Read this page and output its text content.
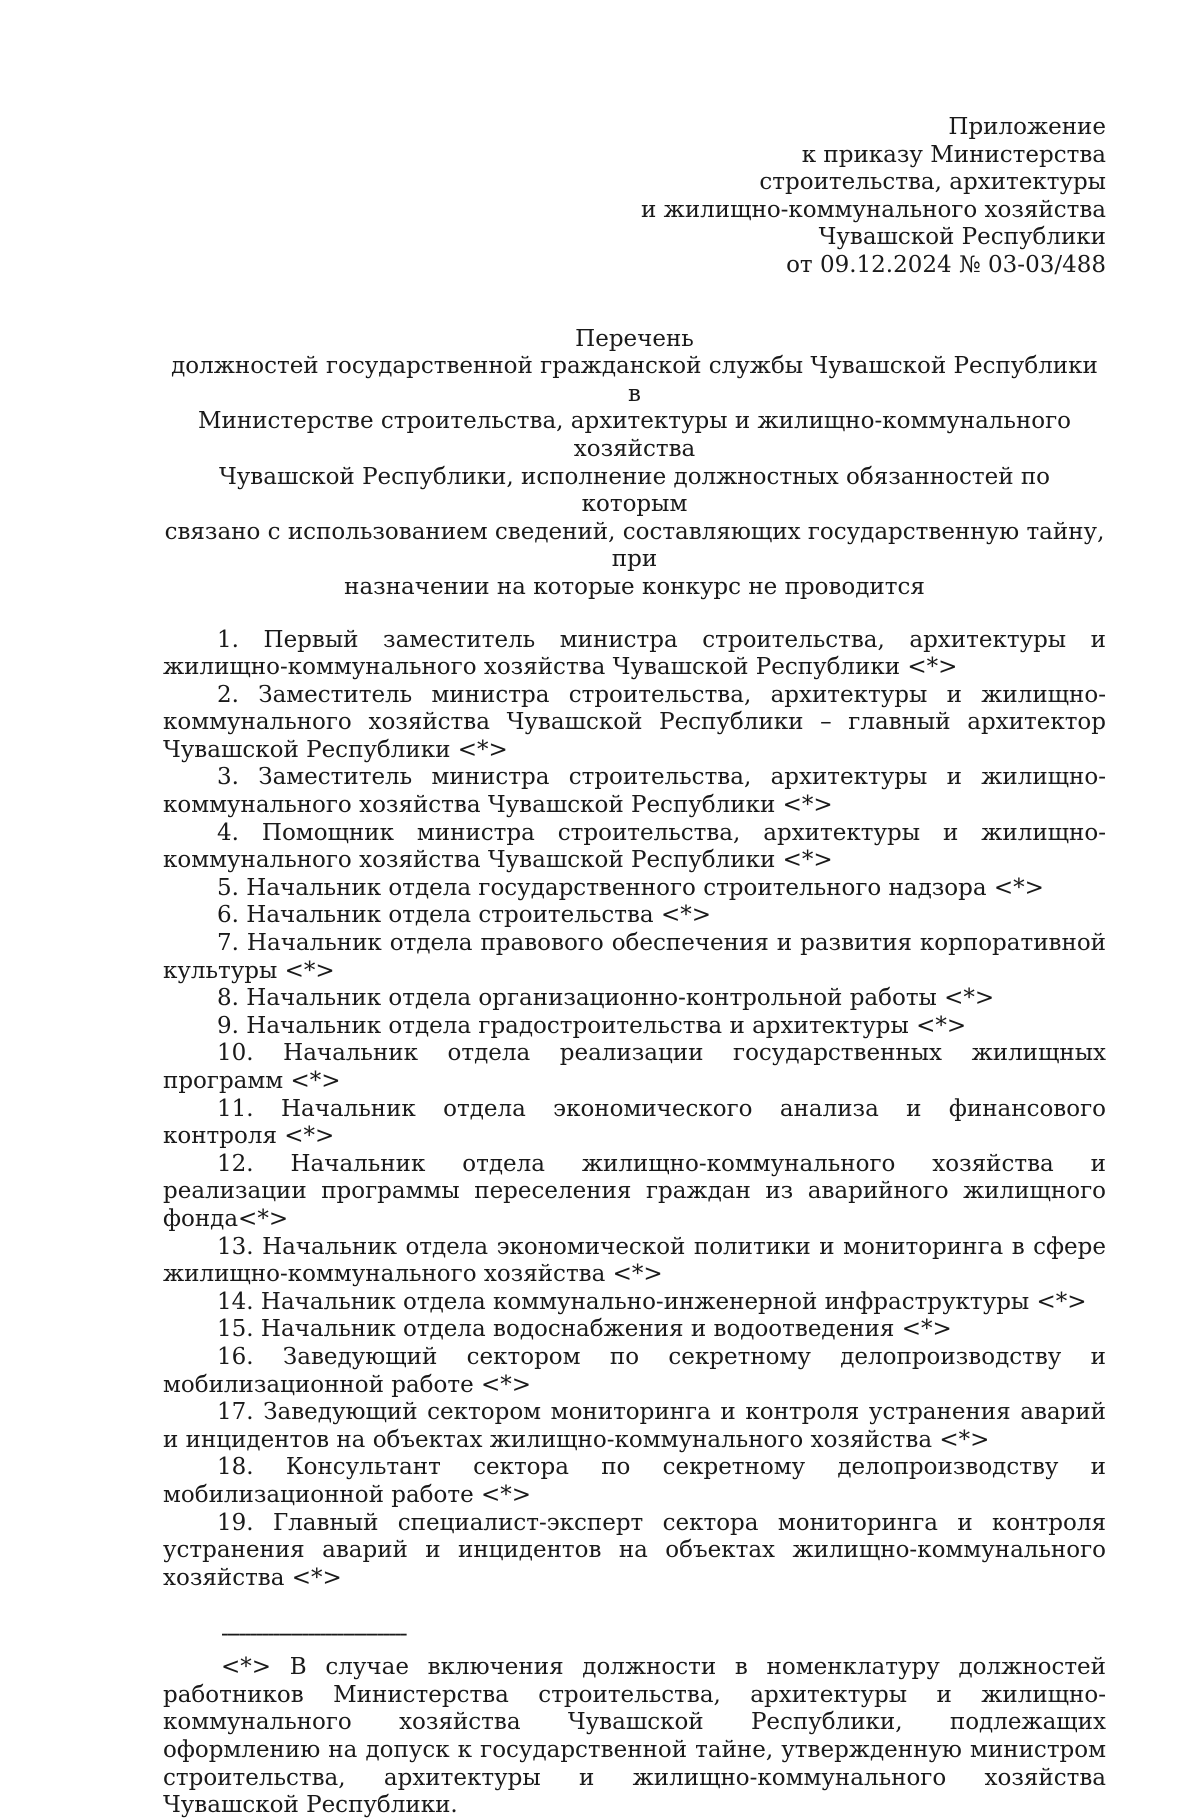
Приложение
к приказу Министерства
строительства, архитектуры
и жилищно-коммунального хозяйства
Чувашской Республики
от 09.12.2024 № 03-03/488
Перечень
должностей государственной гражданской службы Чувашской Республики в
Министерстве строительства, архитектуры и жилищно-коммунального хозяйства
Чувашской Республики, исполнение должностных обязанностей по которым
связано с использованием сведений, составляющих государственную тайну, при
назначении на которые конкурс не проводится
1. Первый заместитель министра строительства, архитектуры и жилищно-коммунального хозяйства Чувашской Республики <*>
2. Заместитель министра строительства, архитектуры и жилищно-коммунального хозяйства Чувашской Республики – главный архитектор Чувашской Республики <*>
3. Заместитель министра строительства, архитектуры и жилищно-коммунального хозяйства Чувашской Республики <*>
4. Помощник министра строительства, архитектуры и жилищно-коммунального хозяйства Чувашской Республики <*>
5. Начальник отдела государственного строительного надзора <*>
6. Начальник отдела строительства <*>
7. Начальник отдела правового обеспечения и развития корпоративной культуры <*>
8. Начальник отдела организационно-контрольной работы <*>
9. Начальник отдела градостроительства и архитектуры <*>
10. Начальник отдела реализации государственных жилищных программ <*>
11. Начальник отдела экономического анализа и финансового контроля <*>
12. Начальник отдела жилищно-коммунального хозяйства и реализации программы переселения граждан из аварийного жилищного фонда<*>
13. Начальник отдела экономической политики и мониторинга в сфере жилищно-коммунального хозяйства <*>
14. Начальник отдела коммунально-инженерной инфраструктуры <*>
15. Начальник отдела водоснабжения и водоотведения <*>
16. Заведующий сектором по секретному делопроизводству и мобилизационной работе <*>
17. Заведующий сектором мониторинга и контроля устранения аварий и инцидентов на объектах жилищно-коммунального хозяйства <*>
18. Консультант сектора по секретному делопроизводству и мобилизационной работе <*>
19. Главный специалист-эксперт сектора мониторинга и контроля устранения аварий и инцидентов на объектах жилищно-коммунального хозяйства <*>
--------------------------------
<*> В случае включения должности в номенклатуру должностей работников Министерства строительства, архитектуры и жилищно-коммунального хозяйства Чувашской Республики, подлежащих оформлению на допуск к государственной тайне, утвержденную министром строительства, архитектуры и жилищно-коммунального хозяйства Чувашской Республики.
